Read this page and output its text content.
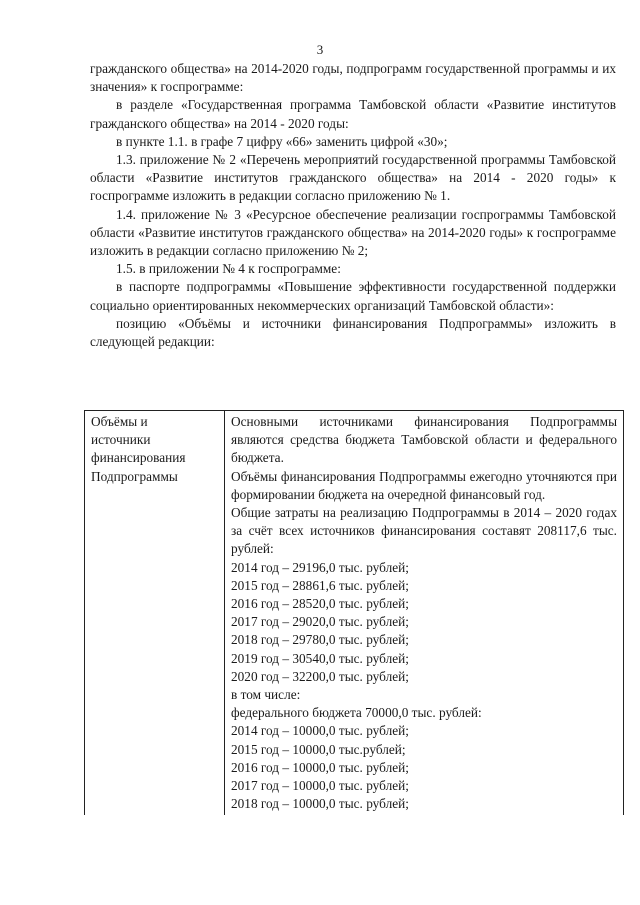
3

гражданского общества» на 2014-2020 годы, подпрограмм государственной программы и их значения» к госпрограмме:

в разделе «Государственная программа Тамбовской области «Развитие институтов гражданского общества» на 2014 - 2020 годы:

в пункте 1.1. в графе 7 цифру «66» заменить цифрой «30»;

1.3. приложение № 2 «Перечень мероприятий государственной программы Тамбовской области «Развитие институтов гражданского общества» на 2014 - 2020 годы» к госпрограмме изложить в редакции согласно приложению № 1.

1.4. приложение № 3 «Ресурсное обеспечение реализации госпрограммы Тамбовской области «Развитие институтов гражданского общества» на 2014-2020 годы» к госпрограмме изложить в редакции согласно приложению № 2;

1.5. в приложении № 4 к госпрограмме:

в паспорте подпрограммы «Повышение эффективности государственной поддержки социально ориентированных некоммерческих организаций Тамбовской области»:

позицию «Объёмы и источники финансирования Подпрограммы» изложить в следующей редакции:

Объёмы и
источники
финансирования
Подпрограммы

Основными источниками финансирования Подпрограммы являются средства бюджета Тамбовской области и федерального бюджета.

Объёмы финансирования Подпрограммы ежегодно уточняются при формировании бюджета на очередной финансовый год.

Общие затраты на реализацию Подпрограммы в 2014 – 2020 годах за счёт всех источников финансирования составят 208117,6 тыс. рублей:

2014 год – 29196,0 тыс. рублей;
2015 год – 28861,6 тыс. рублей;
2016 год – 28520,0 тыс. рублей;
2017 год – 29020,0 тыс. рублей;
2018 год – 29780,0 тыс. рублей;
2019 год – 30540,0 тыс. рублей;
2020 год – 32200,0 тыс. рублей;
в том числе:
федерального бюджета 70000,0 тыс. рублей:
2014 год – 10000,0 тыс. рублей;
2015 год – 10000,0 тыс.рублей;
2016 год – 10000,0 тыс. рублей;
2017 год – 10000,0 тыс. рублей;
2018 год – 10000,0 тыс. рублей;
